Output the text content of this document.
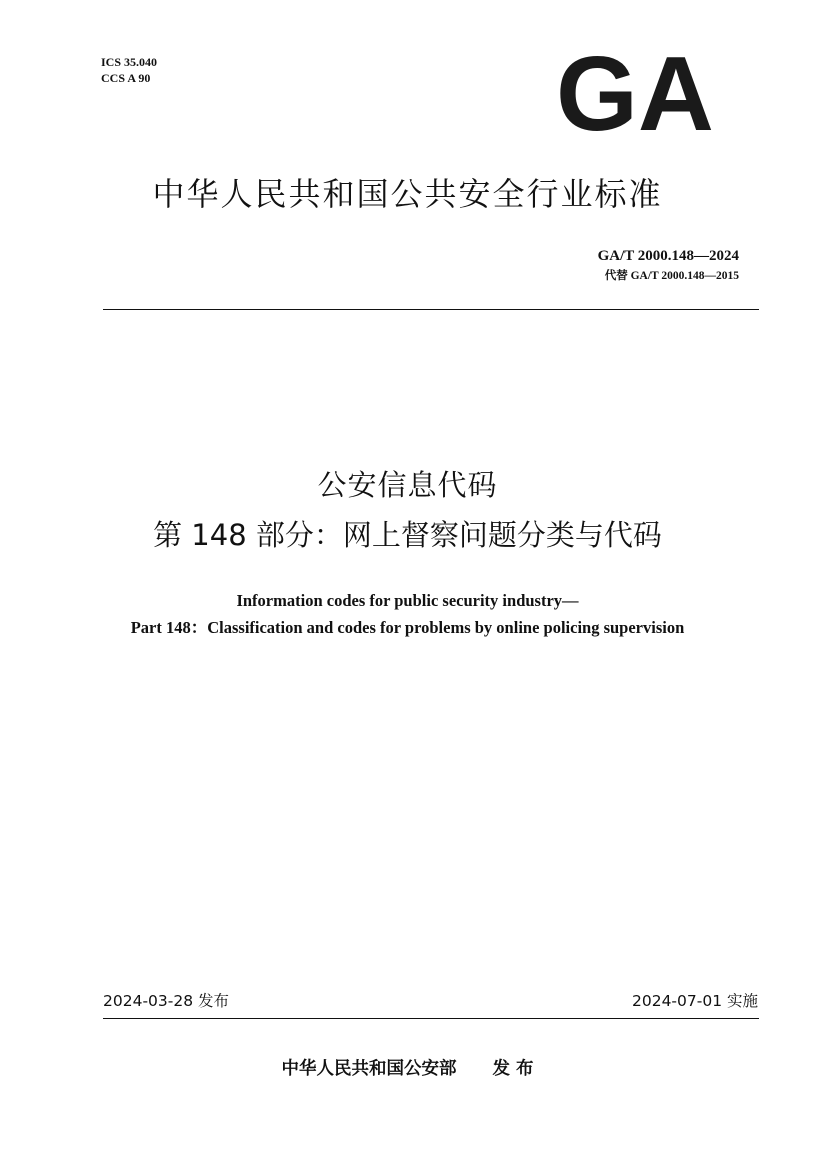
ICS 35.040
CCS A 90	GA
中华人民共和国公共安全行业标准
GA/T 2000.148—2024
代替 GA/T 2000.148—2015
公安信息代码
第 148 部分：网上督察问题分类与代码
Information codes for public security industry—
Part 148：Classification and codes for problems by online policing supervision
2024-03-28 发布	2024-07-01 实施
中华人民共和国公安部 发 布
